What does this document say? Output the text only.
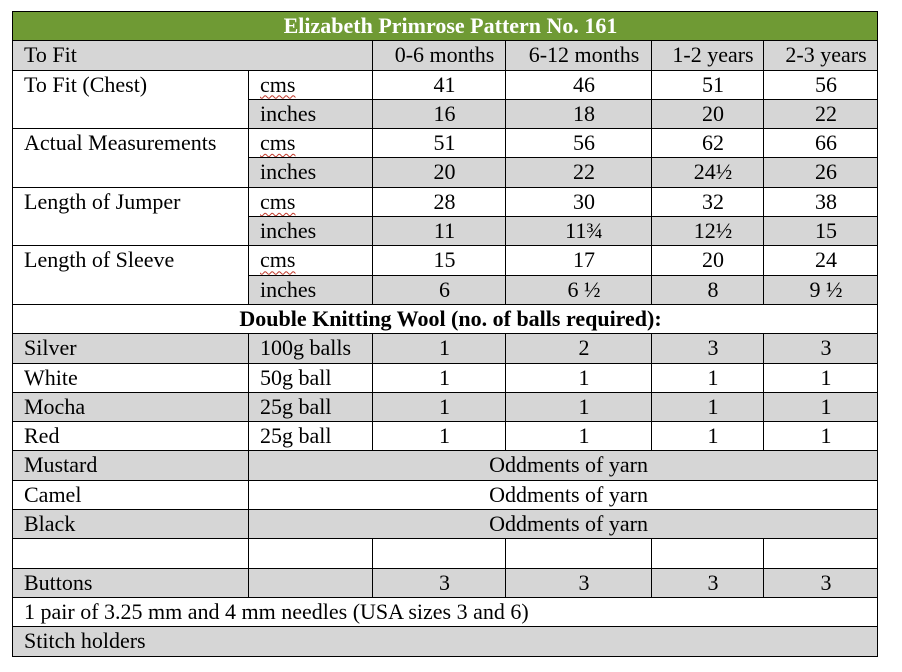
Elizabeth Primrose Pattern No. 161					
To Fit		0-6 months	6-12 months	1-2 years	2-3 years
To Fit (Chest)	cms	41	46	51	56
	inches	16	18	20	22
Actual Measurements	cms	51	56	62	66
	inches	20	22	24½	26
Length of Jumper	cms	28	30	32	38
	inches	11	11¾	12½	15
Length of Sleeve	cms	15	17	20	24
	inches	6	6 ½	8	9 ½
Double Knitting Wool (no. of balls required):					
Silver	100g balls	1	2	3	3
White	50g ball	1	1	1	1
Mocha	25g ball	1	1	1	1
Red	25g ball	1	1	1	1
Mustard	Oddments of yarn				
Camel	Oddments of yarn				
Black	Oddments of yarn				

Buttons		3	3	3	3
1 pair of 3.25 mm and 4 mm needles (USA sizes 3 and 6)					
Stitch holders					
